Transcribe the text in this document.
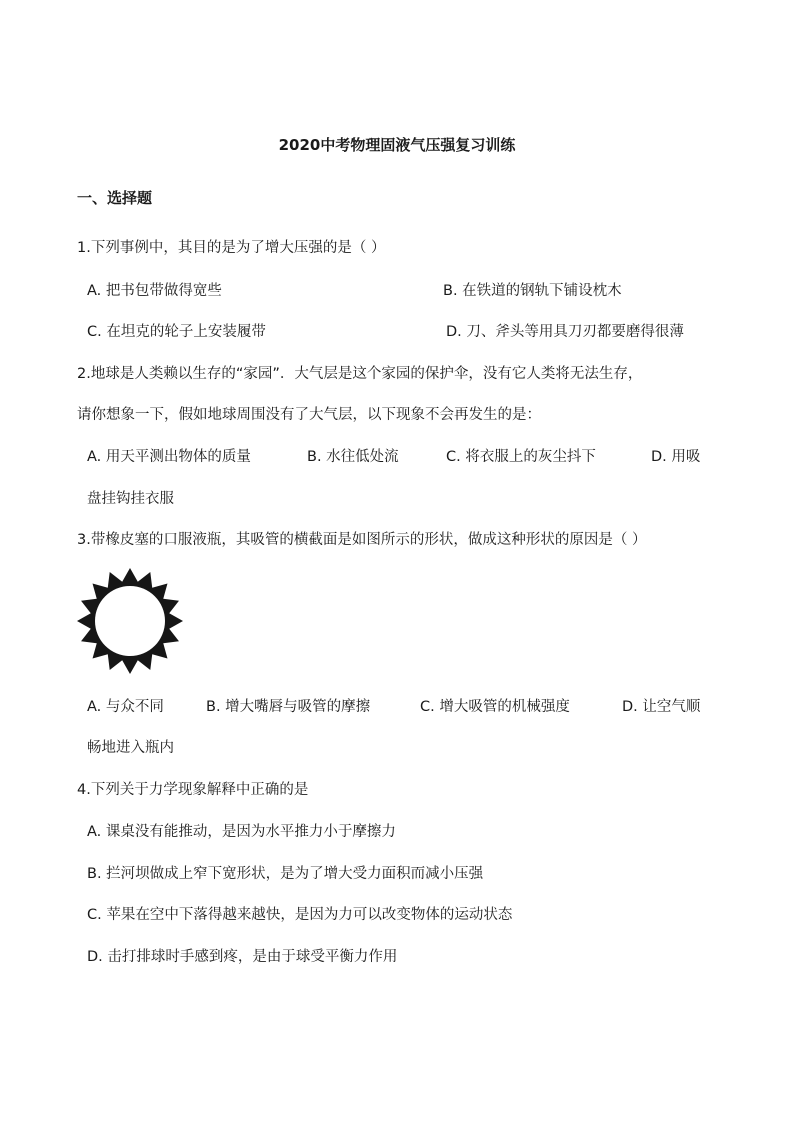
2020中考物理固液气压强复习训练
一、选择题
1.下列事例中，其目的是为了增大压强的是（ ）
A. 把书包带做得宽些	B. 在铁道的钢轨下铺设枕木
C. 在坦克的轮子上安装履带	D. 刀、斧头等用具刀刃都要磨得很薄
2.地球是人类赖以生存的“家园”．大气层是这个家园的保护伞，没有它人类将无法生存，
请你想象一下，假如地球周围没有了大气层，以下现象不会再发生的是：
A. 用天平测出物体的质量	B. 水往低处流	C. 将衣服上的灰尘抖下	D. 用吸
盘挂钩挂衣服
3.带橡皮塞的口服液瓶，其吸管的横截面是如图所示的形状，做成这种形状的原因是（ ）
A. 与众不同	B. 增大嘴唇与吸管的摩擦	C. 增大吸管的机械强度	D. 让空气顺
畅地进入瓶内
4.下列关于力学现象解释中正确的是
A. 课桌没有能推动，是因为水平推力小于摩擦力
B. 拦河坝做成上窄下宽形状，是为了增大受力面积而减小压强
C. 苹果在空中下落得越来越快，是因为力可以改变物体的运动状态
D. 击打排球时手感到疼，是由于球受平衡力作用
